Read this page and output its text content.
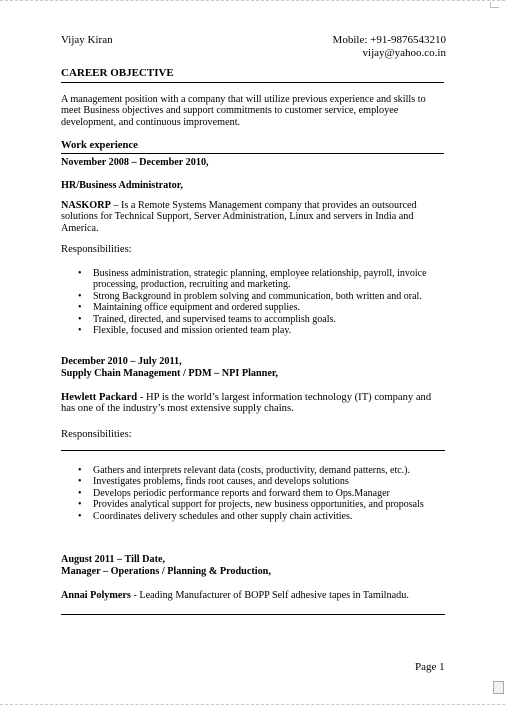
Vijay Kiran	Mobile: +91-9876543210
vijay@yahoo.co.in
CAREER OBJECTIVE
A management position with a company that will utilize previous experience and skills to meet Business objectives and support commitments to customer service, employee development, and continuous improvement.
Work experience
November 2008 – December 2010,
HR/Business Administrator,
NASKORP – Is a Remote Systems Management company that provides an outsourced solutions for Technical Support, Server Administration, Linux and servers in India and America.
Responsibilities:
• Business administration, strategic planning, employee relationship, payroll, invoice processing, production, recruiting and marketing.
• Strong Background in problem solving and communication, both written and oral.
• Maintaining office equipment and ordered supplies.
• Trained, directed, and supervised teams to accomplish goals.
• Flexible, focused and mission oriented team play.
December 2010 – July 2011,
Supply Chain Management / PDM – NPI Planner,
Hewlett Packard - HP is the world’s largest information technology (IT) company and has one of the industry’s most extensive supply chains.
Responsibilities:
• Gathers and interprets relevant data (costs, productivity, demand patterns, etc.).
• Investigates problems, finds root causes, and develops solutions
• Develops periodic performance reports and forward them to Ops.Manager
• Provides analytical support for projects, new business opportunities, and proposals
• Coordinates delivery schedules and other supply chain activities.
August 2011 – Till Date,
Manager – Operations / Planning & Production,
Annai Polymers - Leading Manufacturer of BOPP Self adhesive tapes in Tamilnadu.
Page 1
